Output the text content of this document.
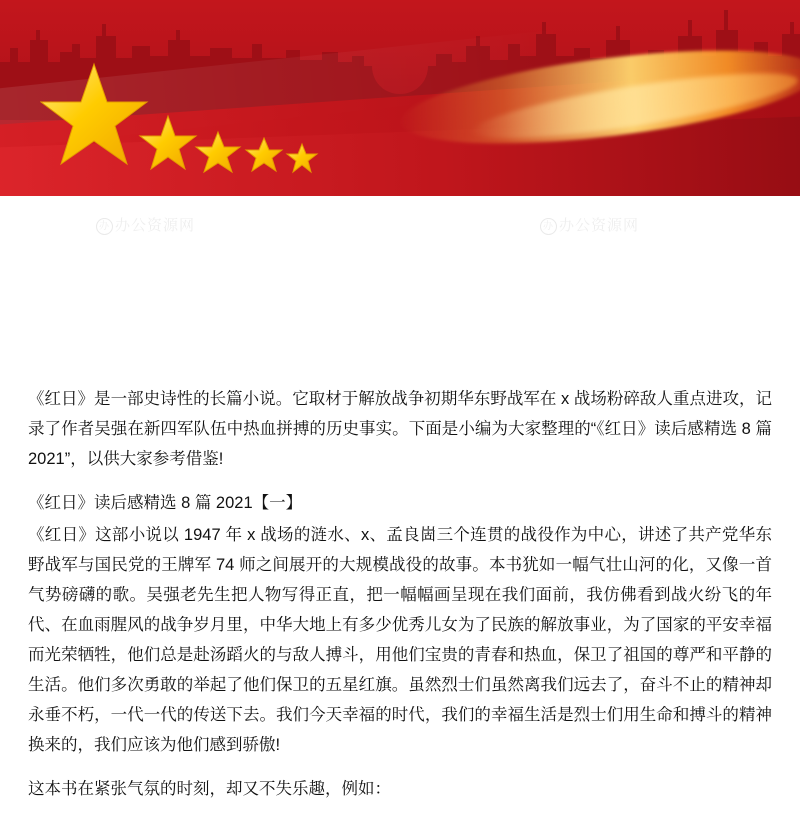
办 办公资源网	办 办公资源网

《红日》是一部史诗性的长篇小说。它取材于解放战争初期华东野战军在 x 战场粉碎敌人重点进攻，记录了作者吴强在新四军队伍中热血拼搏的历史事实。下面是小编为大家整理的“《红日》读后感精选 8 篇 2021”，以供大家参考借鉴!

《红日》读后感精选 8 篇 2021【一】

《红日》这部小说以 1947 年 x 战场的涟水、x、孟良崮三个连贯的战役作为中心，讲述了共产党华东野战军与国民党的王牌军 74 师之间展开的大规模战役的故事。本书犹如一幅气壮山河的化，又像一首气势磅礴的歌。吴强老先生把人物写得正直，把一幅幅画呈现在我们面前，我仿佛看到战火纷飞的年代、在血雨腥风的战争岁月里，中华大地上有多少优秀儿女为了民族的解放事业，为了国家的平安幸福而光荣牺牲，他们总是赴汤蹈火的与敌人搏斗，用他们宝贵的青春和热血，保卫了祖国的尊严和平静的生活。他们多次勇敢的举起了他们保卫的五星红旗。虽然烈士们虽然离我们远去了，奋斗不止的精神却永垂不朽，一代一代的传送下去。我们今天幸福的时代，我们的幸福生活是烈士们用生命和搏斗的精神换来的，我们应该为他们感到骄傲!

这本书在紧张气氛的时刻，却又不失乐趣，例如：
